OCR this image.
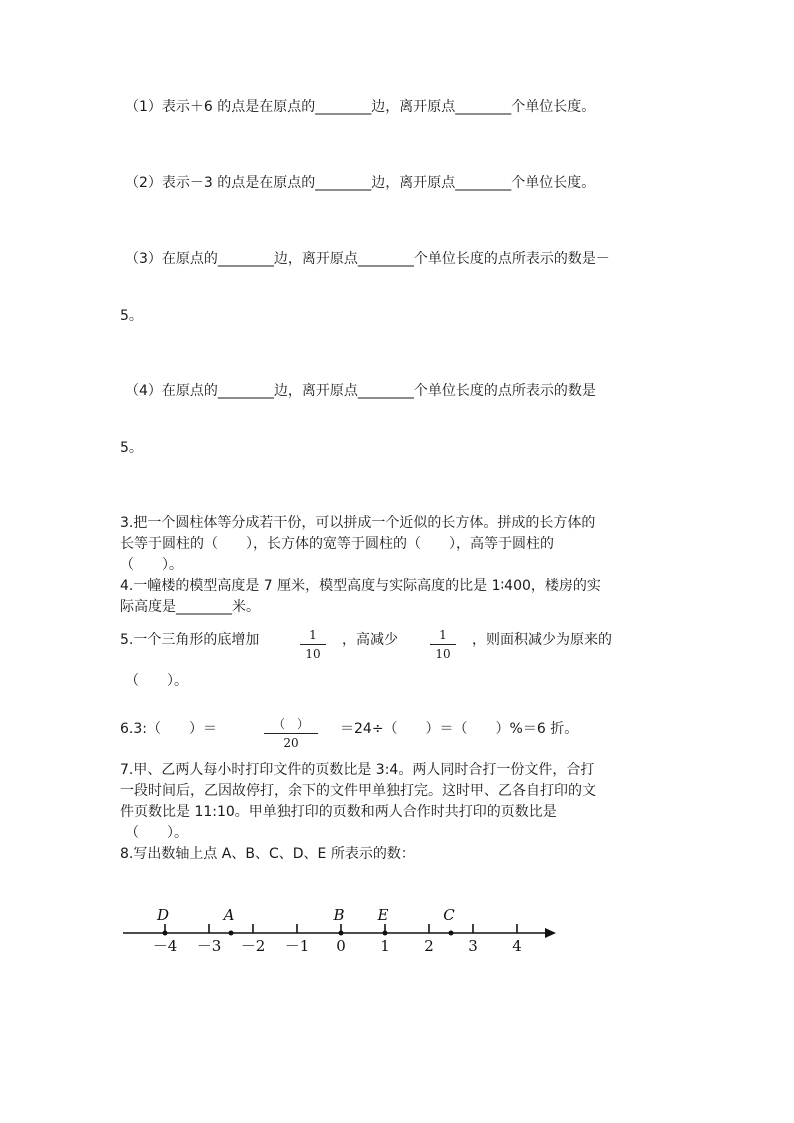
（1）表示＋6 的点是在原点的________边，离开原点________个单位长度。
（2）表示－3 的点是在原点的________边，离开原点________个单位长度。
（3）在原点的________边，离开原点________个单位长度的点所表示的数是－
5。
（4）在原点的________边，离开原点________个单位长度的点所表示的数是
5。
3.把一个圆柱体等分成若干份，可以拼成一个近似的长方体。拼成的长方体的
长等于圆柱的（　　），长方体的宽等于圆柱的（　　），高等于圆柱的
（　　）。
4.一幢楼的模型高度是 7 厘米，模型高度与实际高度的比是 1∶400，楼房的实
际高度是________米。
5.一个三角形的底增加	1
10
，高减少	1
10
，则面积减少为原来的
（　　）。
6.3:（　　）＝	（　）
20
＝24÷（　　）＝（　　）%＝6 折。
7.甲、乙两人每小时打印文件的页数比是 3:4。两人同时合打一份文件，合打
一段时间后，乙因故停打，余下的文件甲单独打完。这时甲、乙各自打印的文
件页数比是 11:10。甲单独打印的页数和两人合作时共打印的页数比是
（　　）。
8.写出数轴上点 A、B、C、D、E 所表示的数：
－4 －3 －2 －1 0 1 2 3 4
D	A	B E	C
